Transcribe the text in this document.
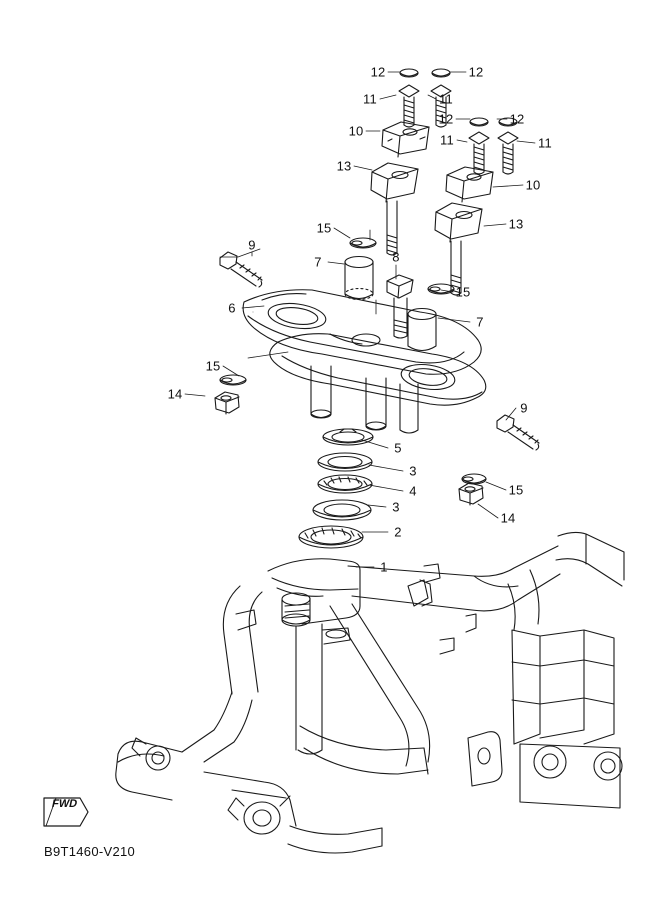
12	12
11	11
10
12	12
11	11
13
10
13
15
7	8
9
15
7
6
15
14
9
5
3
4	15
3
14
2
1
FWD
B9T1460-V210
